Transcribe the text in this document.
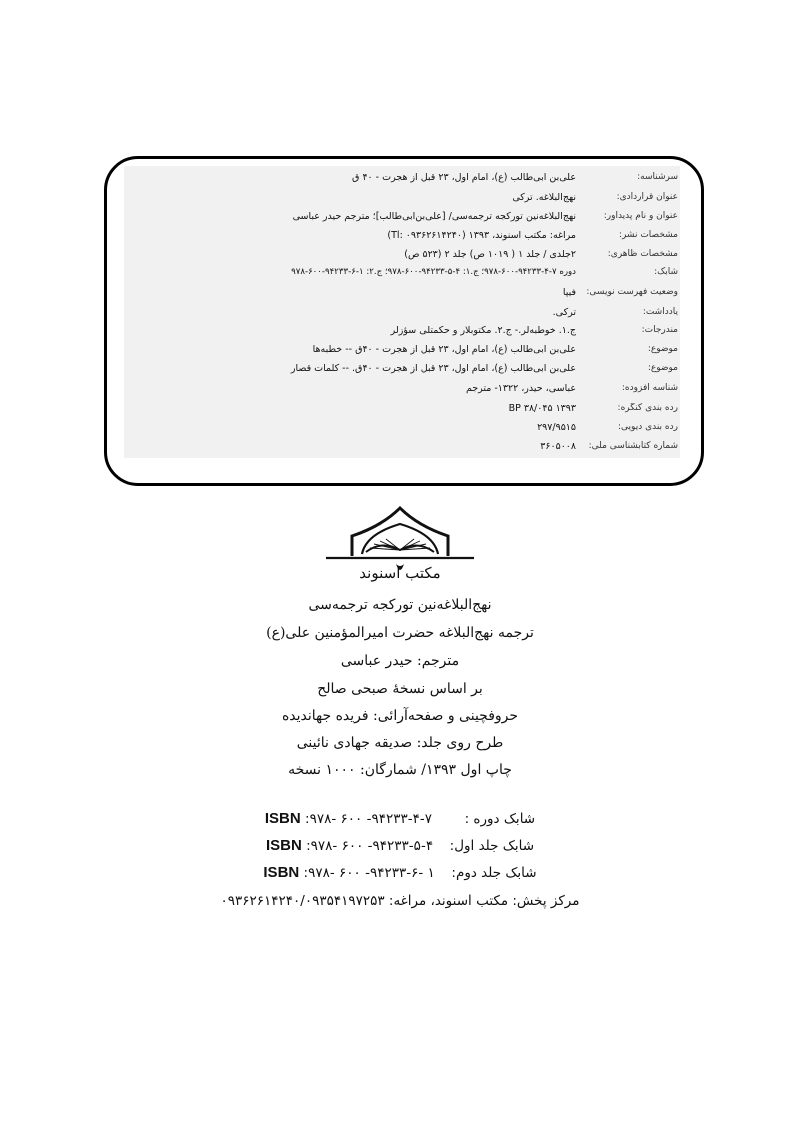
سرشناسه:
علی‌بن ابی‌طالب (ع)، امام اول، ۲۳ قبل از هجرت - ۴۰ ق
عنوان قراردادی:
نهج‌البلاغه. ترکی
عنوان و نام پدیدآور:
نهج‌البلاغه‌نین تورکجه ترجمه‌سی/ [علی‌بن‌ابی‌طالب]؛ مترجم حیدر عباسی
مشخصات نشر:
مراغه: مکتب اسنوند، ۱۳۹۳ (۰۹۳۶۲۶۱۴۲۴۰ :Tl)
مشخصات ظاهری:
۲جلدی / جلد ۱ ( ۱۰۱۹ ص) جلد ۲ (۵۲۳ ص)
شابک:
دوره ۷-۴-۹۴۲۳۳-۶۰۰-۹۷۸؛ ج.۱: ۴-۵-۹۴۲۳۳-۶۰۰-۹۷۸؛ ج.۲: ۱-۶-۹۴۲۳۳-۶۰۰-۹۷۸
وضعیت فهرست نویسی:
فیپا
یادداشت:
ترکی.
مندرجات:
ج.۱. خوطبه‌لر.- ج.۲. مکتوبلار و حکمتلی سؤزلر
موضوع:
علی‌بن ابی‌طالب (ع)، امام اول، ۲۳ قبل از هجرت - ۴۰ق -- خطبه‌ها
موضوع:
علی‌بن ابی‌طالب (ع)، امام اول، ۲۳ قبل از هجرت - ۴۰ق. -- کلمات قصار
شناسه افزوده:
عباسی، حیدر، ۱۳۲۲- مترجم
رده بندی کنگره:
BP ۳۸/۰۴۵ ۱۳۹۳
رده بندی دیویی:
۲۹۷/۹۵۱۵
شماره کتابشناسی ملی:
۳۶۰۵۰۰۸
مکتب اسنوند
نهج‌البلاغه‌نین تورکجه ترجمه‌سی
ترجمه نهج‌البلاغه حضرت امیرالمؤمنین علی(ع)
مترجم: حیدر عباسی
بر اساس نسخهٔ صبحی صالح
حروفچینی و صفحه‌آرائی: فریده جهاندیده
طرح روی جلد: صدیقه جهادی نائینی
چاپ اول ۱۳۹۳/ شمارگان: ۱۰۰۰ نسخه
شابک دوره :  ۷-۴-۹۴۲۳۳- ۶۰۰ -۹۷۸: ISBN
شابک جلد اول:  ۴-۵-۹۴۲۳۳- ۶۰۰ -۹۷۸: ISBN
شابک جلد دوم:  ۱ -۶-۹۴۲۳۳- ۶۰۰ -۹۷۸: ISBN
مرکز پخش: مکتب اسنوند، مراغه: ۰۹۳۶۲۶۱۴۲۴۰/۰۹۳۵۴۱۹۷۲۵۳
